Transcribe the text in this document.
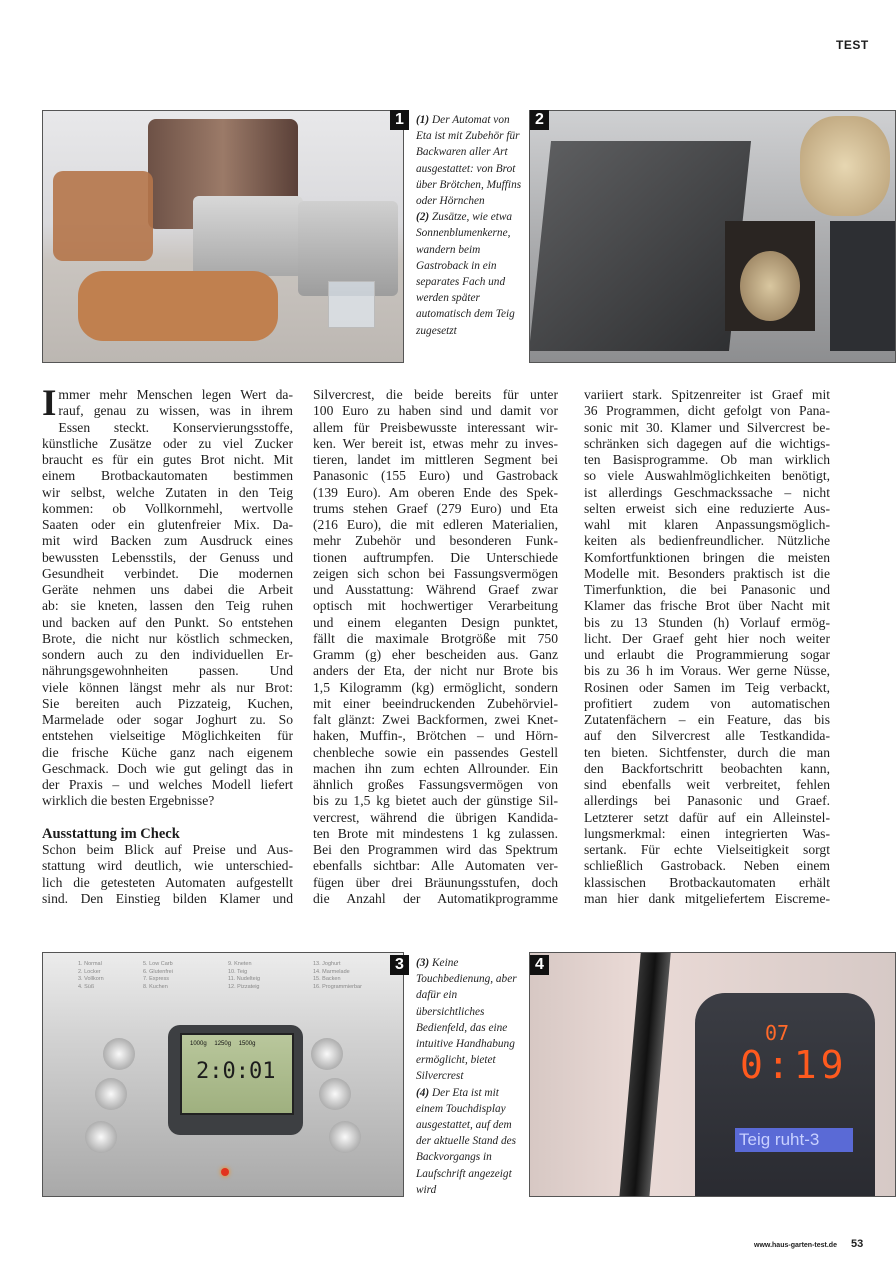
TEST
1	(1) Der Automat von Eta ist mit Zubehör für Backwaren aller Art ausgestattet: von Brot über Brötchen, Muffins oder Hörnchen
(2) Zusätze, wie etwa Sonnenblumenkerne, wandern beim Gastroback in ein separates Fach und werden später automatisch dem Teig zugesetzt
2
I mmer mehr Menschen legen Wert da-
rauf, genau zu wissen, was in ihrem
Essen steckt. Konservierungsstoffe,
künstliche Zusätze oder zu viel Zucker
braucht es für ein gutes Brot nicht. Mit
einem Brotbackautomaten bestimmen
wir selbst, welche Zutaten in den Teig
kommen: ob Vollkornmehl, wertvolle
Saaten oder ein glutenfreier Mix. Da-
mit wird Backen zum Ausdruck eines
bewussten Lebensstils, der Genuss und
Gesundheit verbindet. Die modernen
Geräte nehmen uns dabei die Arbeit
ab: sie kneten, lassen den Teig ruhen
und backen auf den Punkt. So entstehen
Brote, die nicht nur köstlich schmecken,
sondern auch zu den individuellen Er-
nährungsgewohnheiten passen. Und
viele können längst mehr als nur Brot:
Sie bereiten auch Pizzateig, Kuchen,
Marmelade oder sogar Joghurt zu. So
entstehen vielseitige Möglichkeiten für
die frische Küche ganz nach eigenem
Geschmack. Doch wie gut gelingt das in
der Praxis – und welches Modell liefert
wirklich die besten Ergebnisse?
Ausstattung im Check
Schon beim Blick auf Preise und Aus-
stattung wird deutlich, wie unterschied-
lich die getesteten Automaten aufgestellt
sind. Den Einstieg bilden Klamer und
Silvercrest, die beide bereits für unter
100 Euro zu haben sind und damit vor
allem für Preisbewusste interessant wir-
ken. Wer bereit ist, etwas mehr zu inves-
tieren, landet im mittleren Segment bei
Panasonic (155 Euro) und Gastroback
(139 Euro). Am oberen Ende des Spek-
trums stehen Graef (279 Euro) und Eta
(216 Euro), die mit edleren Materialien,
mehr Zubehör und besonderen Funk-
tionen auftrumpfen. Die Unterschiede
zeigen sich schon bei Fassungsvermögen
und Ausstattung: Während Graef zwar
optisch mit hochwertiger Verarbeitung
und einem eleganten Design punktet,
fällt die maximale Brotgröße mit 750
Gramm (g) eher bescheiden aus. Ganz
anders der Eta, der nicht nur Brote bis
1,5 Kilogramm (kg) ermöglicht, sondern
mit einer beeindruckenden Zubehörviel-
falt glänzt: Zwei Backformen, zwei Knet-
haken, Muffin-, Brötchen – und Hörn-
chenbleche sowie ein passendes Gestell
machen ihn zum echten Allrounder. Ein
ähnlich großes Fassungsvermögen von
bis zu 1,5 kg bietet auch der günstige Sil-
vercrest, während die übrigen Kandida-
ten Brote mit mindestens 1 kg zulassen.
Bei den Programmen wird das Spektrum
ebenfalls sichtbar: Alle Automaten ver-
fügen über drei Bräunungsstufen, doch
die Anzahl der Automatikprogramme
variiert stark. Spitzenreiter ist Graef mit
36 Programmen, dicht gefolgt von Pana-
sonic mit 30. Klamer und Silvercrest be-
schränken sich dagegen auf die wichtigs-
ten Basisprogramme. Ob man wirklich
so viele Auswahlmöglichkeiten benötigt,
ist allerdings Geschmackssache – nicht
selten erweist sich eine reduzierte Aus-
wahl mit klaren Anpassungsmöglich-
keiten als bedienfreundlicher. Nützliche
Komfortfunktionen bringen die meisten
Modelle mit. Besonders praktisch ist die
Timerfunktion, die bei Panasonic und
Klamer das frische Brot über Nacht mit
bis zu 13 Stunden (h) Vorlauf ermög-
licht. Der Graef geht hier noch weiter
und erlaubt die Programmierung sogar
bis zu 36 h im Voraus. Wer gerne Nüsse,
Rosinen oder Samen im Teig verbackt,
profitiert zudem von automatischen
Zutatenfächern – ein Feature, das bis
auf den Silvercrest alle Testkandida-
ten bieten. Sichtfenster, durch die man
den Backfortschritt beobachten kann,
sind ebenfalls weit verbreitet, fehlen
allerdings bei Panasonic und Graef.
Letzterer setzt dafür auf ein Alleinstel-
lungsmerkmal: einen integrierten Was-
sertank. Für echte Vielseitigkeit sorgt
schließlich Gastroback. Neben einem
klassischen Brotbackautomaten erhält
man hier dank mitgeliefertem Eiscreme-
1. Normal
2. Locker
3. Vollkorn
4. Süß
5. Low Carb
6. Glutenfrei
7. Express
8. Kuchen
9. Kneten
10. Teig
11. Nudelteig
12. Pizzateig
13. Joghurt
14. Marmelade
15. Backen
16. Programmierbar
1000g 1250g 1500g
2:0:01
3	(3) Keine Touchbedienung, aber dafür ein übersichtliches Bedienfeld, das eine intuitive Handhabung ermöglicht, bietet Silvercrest
(4) Der Eta ist mit einem Touchdisplay ausgestattet, auf dem der aktuelle Stand des Backvorgangs in Laufschrift angezeigt wird
07
0:19
Teig ruht-3
4
www.haus-garten-test.de 53
